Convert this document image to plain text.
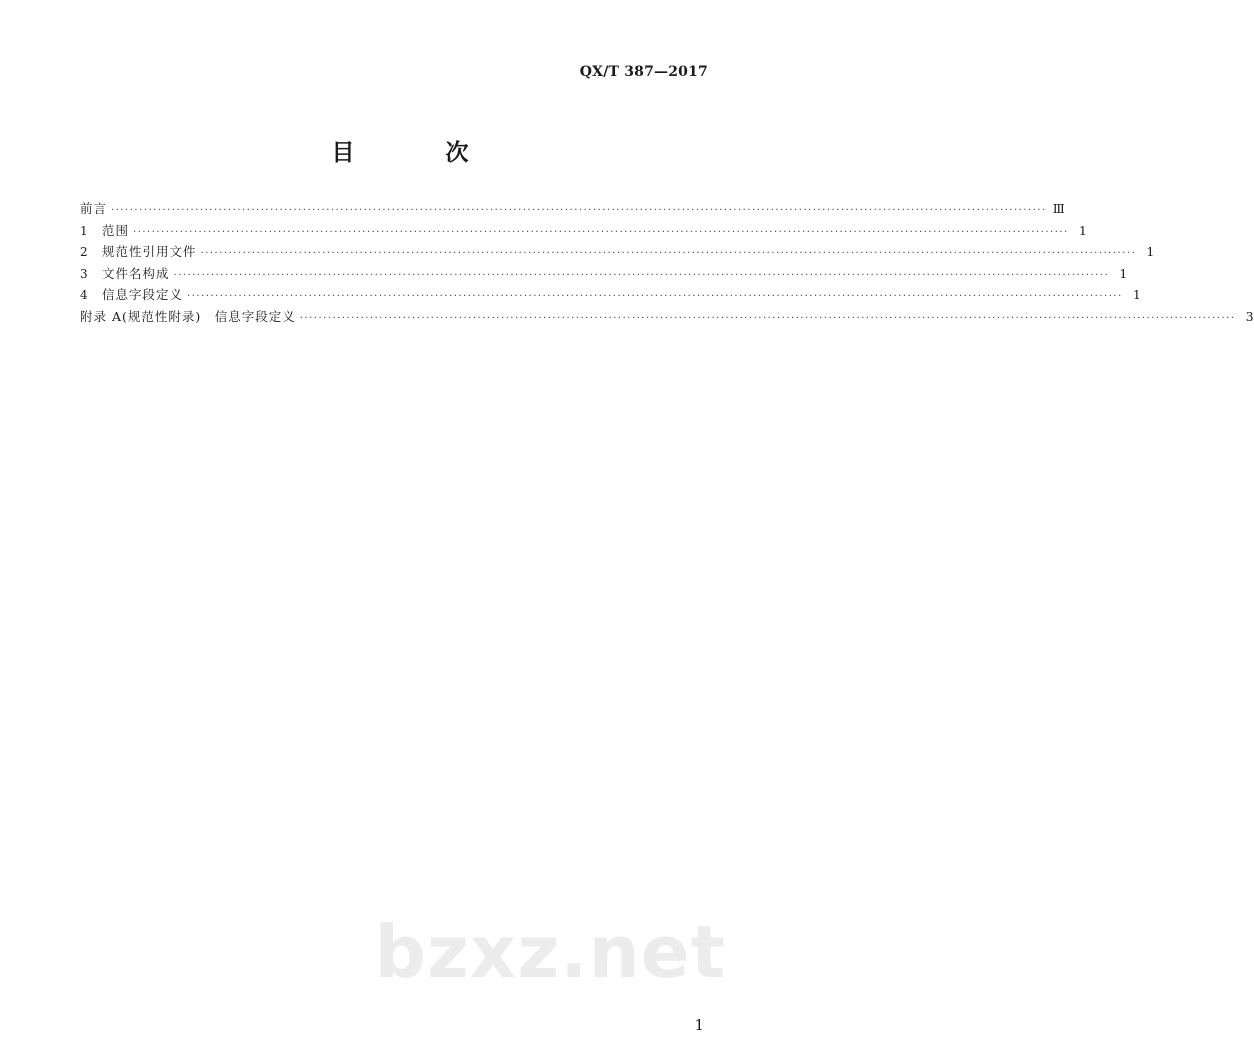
QX/T 387—2017
目　次
前言 ········································································································································································································ Ⅲ
1	范围 ········································································································································································································ 1
2	规范性引用文件 ········································································································································································································ 1
3	文件名构成 ········································································································································································································ 1
4	信息字段定义 ········································································································································································································ 1
附录 A(规范性附录)　信息字段定义 ········································································································································································································ 3
bzxz.net
1
